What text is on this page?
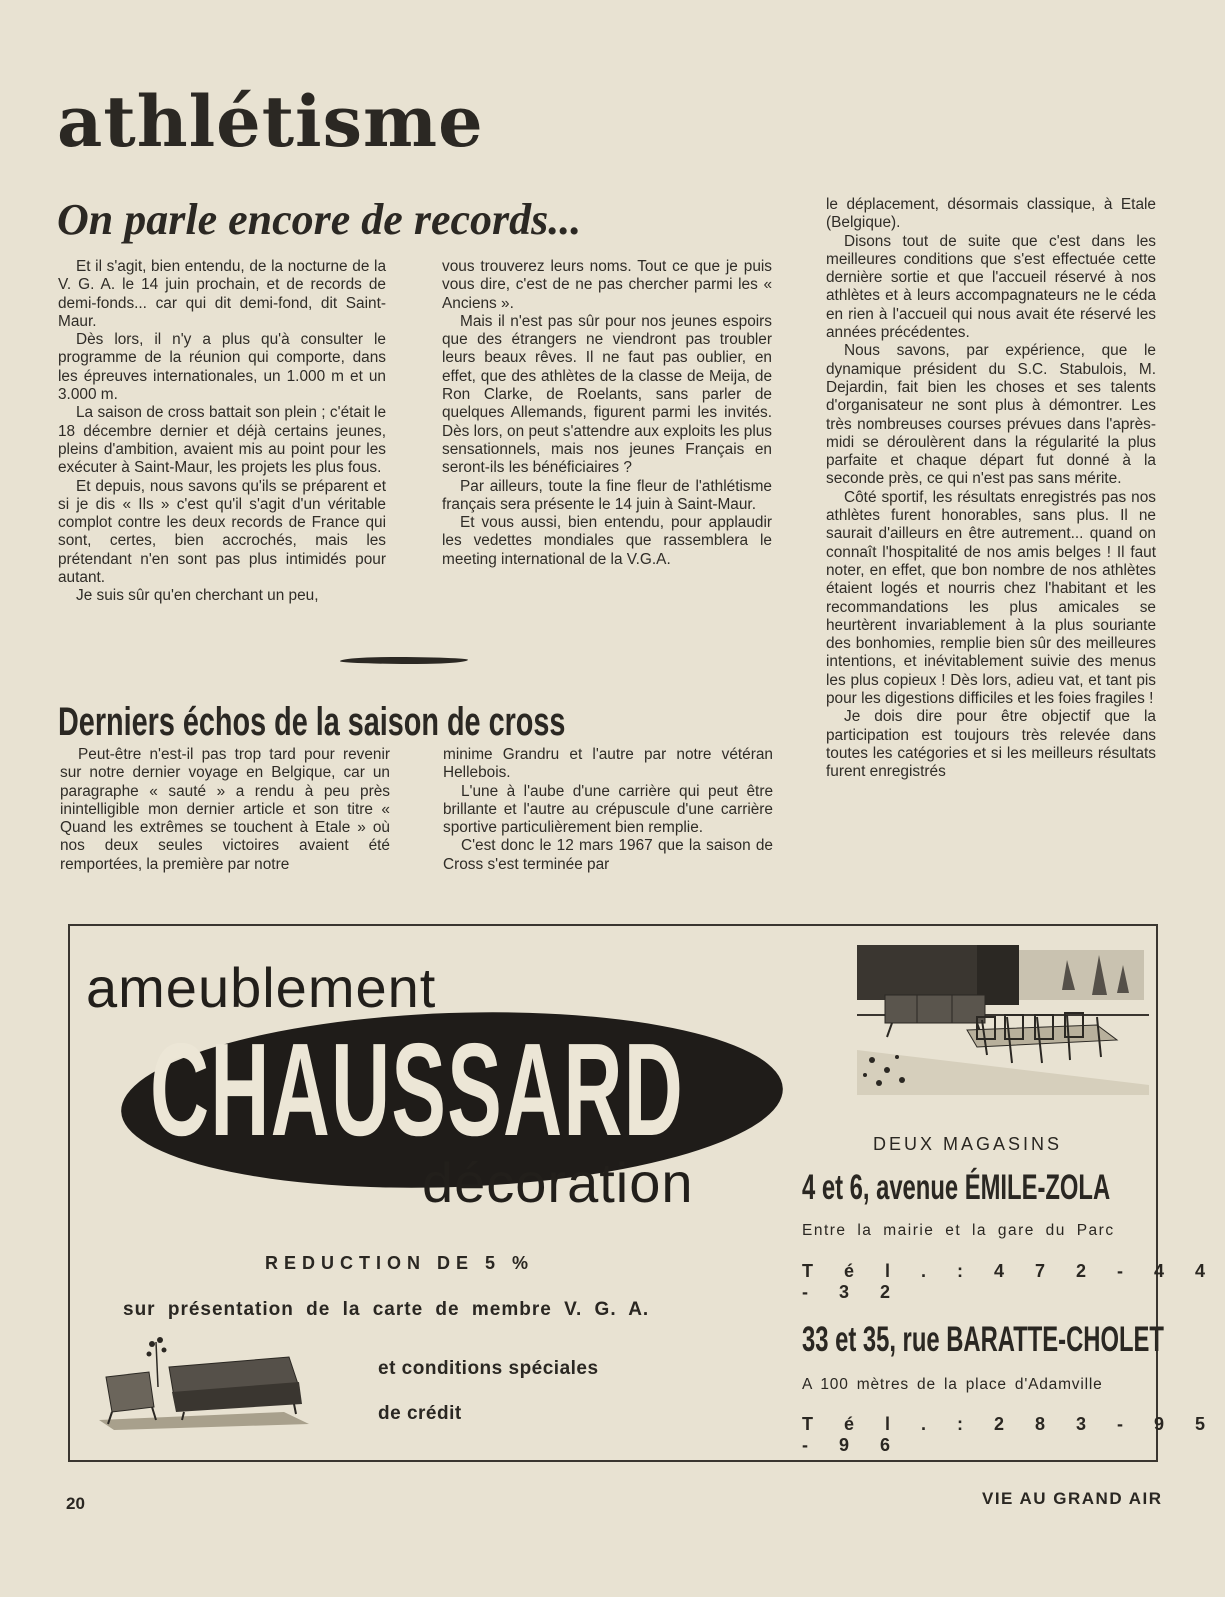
athlétisme
On parle encore de records...

Et il s'agit, bien entendu, de la nocturne de la V. G. A. le 14 juin prochain, et de records de demi-fonds... car qui dit demi-fond, dit Saint-Maur.

Dès lors, il n'y a plus qu'à consulter le programme de la réunion qui comporte, dans les épreuves internationales, un 1.000 m et un 3.000 m.

La saison de cross battait son plein ; c'était le 18 décembre dernier et déjà certains jeunes, pleins d'ambition, avaient mis au point pour les exécuter à Saint-Maur, les projets les plus fous.

Et depuis, nous savons qu'ils se préparent et si je dis « Ils » c'est qu'il s'agit d'un véritable complot contre les deux records de France qui sont, certes, bien accrochés, mais les prétendant n'en sont pas plus intimidés pour autant.

Je suis sûr qu'en cherchant un peu,

vous trouverez leurs noms. Tout ce que je puis vous dire, c'est de ne pas chercher parmi les « Anciens ».

Mais il n'est pas sûr pour nos jeunes espoirs que des étrangers ne viendront pas troubler leurs beaux rêves. Il ne faut pas oublier, en effet, que des athlètes de la classe de Meija, de Ron Clarke, de Roelants, sans parler de quelques Allemands, figurent parmi les invités. Dès lors, on peut s'attendre aux exploits les plus sensationnels, mais nos jeunes Français en seront-ils les bénéficiaires ?

Par ailleurs, toute la fine fleur de l'athlétisme français sera présente le 14 juin à Saint-Maur.

Et vous aussi, bien entendu, pour applaudir les vedettes mondiales que rassemblera le meeting international de la V.G.A.

Derniers échos de la saison de cross

Peut-être n'est-il pas trop tard pour revenir sur notre dernier voyage en Belgique, car un paragraphe « sauté » a rendu à peu près inintelligible mon dernier article et son titre « Quand les extrêmes se touchent à Etale » où nos deux seules victoires avaient été remportées, la première par notre

minime Grandru et l'autre par notre vétéran Hellebois.

L'une à l'aube d'une carrière qui peut être brillante et l'autre au crépuscule d'une carrière sportive particulièrement bien remplie.

C'est donc le 12 mars 1967 que la saison de Cross s'est terminée par

le déplacement, désormais classique, à Etale (Belgique).

Disons tout de suite que c'est dans les meilleures conditions que s'est effectuée cette dernière sortie et que l'accueil réservé à nos athlètes et à leurs accompagnateurs ne le céda en rien à l'accueil qui nous avait éte réservé les années précédentes.

Nous savons, par expérience, que le dynamique président du S.C. Stabulois, M. Dejardin, fait bien les choses et ses talents d'organisateur ne sont plus à démontrer. Les très nombreuses courses prévues dans l'après-midi se déroulèrent dans la régularité la plus parfaite et chaque départ fut donné à la seconde près, ce qui n'est pas sans mérite.

Côté sportif, les résultats enregistrés pas nos athlètes furent honorables, sans plus. Il ne saurait d'ailleurs en être autrement... quand on connaît l'hospitalité de nos amis belges ! Il faut noter, en effet, que bon nombre de nos athlètes étaient logés et nourris chez l'habitant et les recommandations les plus amicales se heurtèrent invariablement à la plus souriante des bonhomies, remplie bien sûr des meilleures intentions, et inévitablement suivie des menus les plus copieux ! Dès lors, adieu vat, et tant pis pour les digestions difficiles et les foies fragiles !

Je dois dire pour être objectif que la participation est toujours très relevée dans toutes les catégories et si les meilleurs résultats furent enregistrés

ameublement
CHAUSSARD
décoration
REDUCTION DE 5 %
sur présentation de la carte de membre V. G. A.
et conditions spéciales
de crédit
DEUX MAGASINS
4 et 6, avenue ÉMILE-ZOLA
Entre la mairie et la gare du Parc
T é l . : 4 7 2 - 4 4 - 3 2
33 et 35, rue BARATTE-CHOLET
A 100 mètres de la place d'Adamville
T é l . : 2 8 3 - 9 5 - 9 6
20	VIE AU GRAND AIR
